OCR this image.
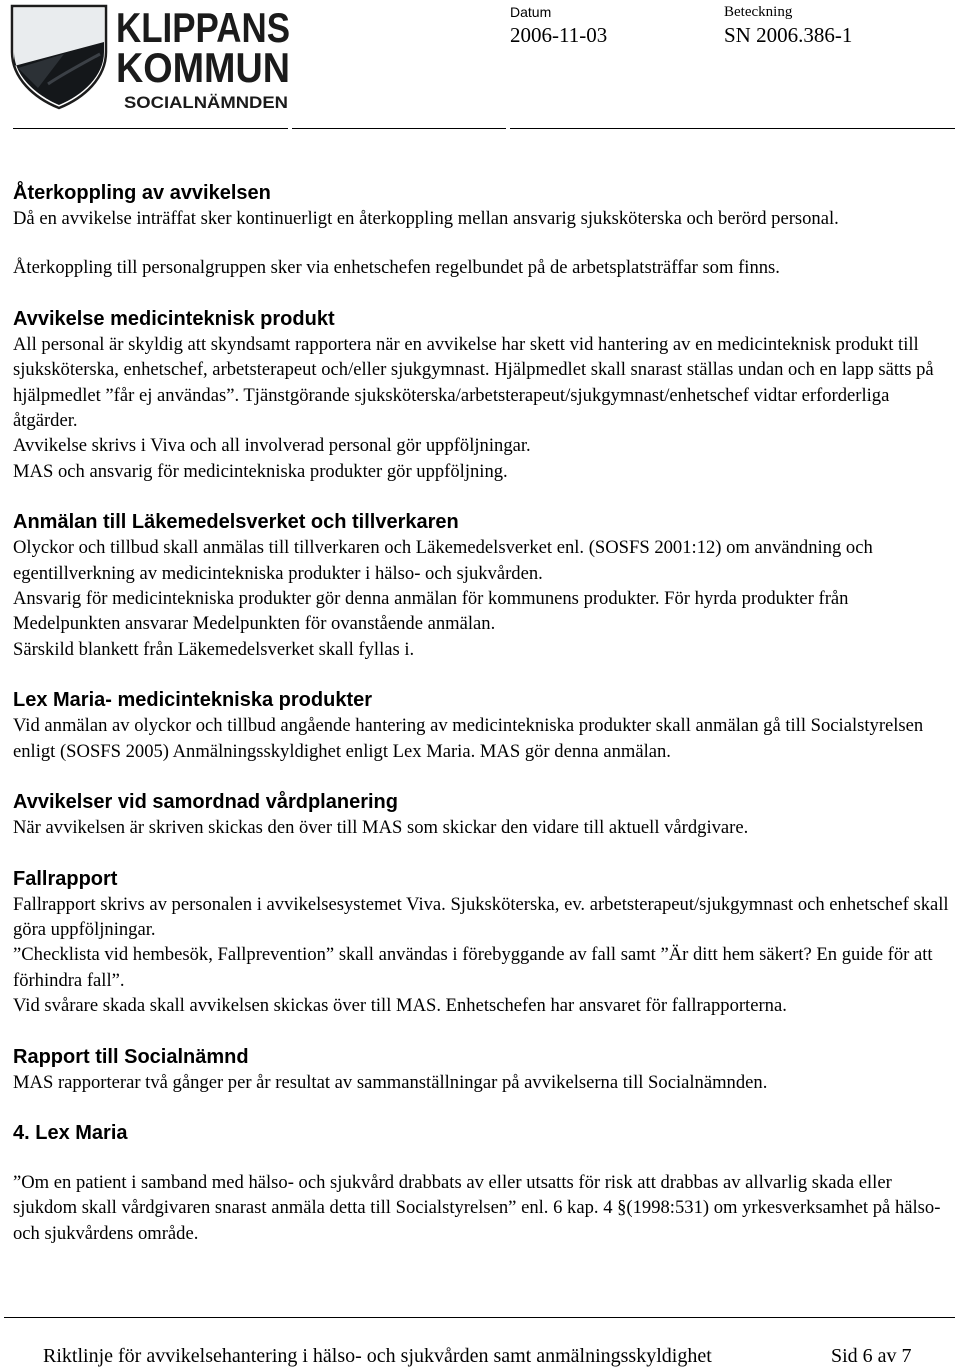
KLIPPANS
KOMMUN
SOCIALNÄMNDEN
Datum
2006-11-03
Beteckning
SN 2006.386-1

Återkoppling av avvikelsen

Då en avvikelse inträffat sker kontinuerligt en återkoppling mellan ansvarig sjuksköterska och berörd personal.

Återkoppling till personalgruppen sker via enhetschefen regelbundet på de arbetsplatsträffar som finns.

Avvikelse medicinteknisk produkt

All personal är skyldig att skyndsamt rapportera när en avvikelse har skett vid hantering av en medicinteknisk produkt till sjuksköterska, enhetschef, arbetsterapeut och/eller sjukgymnast. Hjälpmedlet skall snarast ställas undan och en lapp sätts på hjälpmedlet ”får ej användas”. Tjänstgörande sjuksköterska/arbetsterapeut/sjukgymnast/enhetschef vidtar erforderliga åtgärder.

Avvikelse skrivs i Viva och all involverad personal gör uppföljningar.

MAS och ansvarig för medicintekniska produkter gör uppföljning.

Anmälan till Läkemedelsverket och tillverkaren

Olyckor och tillbud skall anmälas till tillverkaren och Läkemedelsverket enl. (SOSFS 2001:12) om användning och egentillverkning av medicintekniska produkter i hälso- och sjukvården.

Ansvarig för medicintekniska produkter gör denna anmälan för kommunens produkter. För hyrda produkter från Medelpunkten ansvarar Medelpunkten för ovanstående anmälan.

Särskild blankett från Läkemedelsverket skall fyllas i.

Lex Maria- medicintekniska produkter

Vid anmälan av olyckor och tillbud angående hantering av medicintekniska produkter skall anmälan gå till Socialstyrelsen enligt (SOSFS 2005) Anmälningsskyldighet enligt Lex Maria. MAS gör denna anmälan.

Avvikelser vid samordnad vårdplanering

När avvikelsen är skriven skickas den över till MAS som skickar den vidare till aktuell vårdgivare.

Fallrapport

Fallrapport skrivs av personalen i avvikelsesystemet Viva. Sjuksköterska, ev. arbetsterapeut/sjukgymnast och enhetschef skall göra uppföljningar.

”Checklista vid hembesök, Fallprevention” skall användas i förebyggande av fall samt ”Är ditt hem säkert? En guide för att förhindra fall”.

Vid svårare skada skall avvikelsen skickas över till MAS. Enhetschefen har ansvaret för fallrapporterna.

Rapport till Socialnämnd

MAS rapporterar två gånger per år resultat av sammanställningar på avvikelserna till Socialnämnden.

4. Lex Maria

”Om en patient i samband med hälso- och sjukvård drabbats av eller utsatts för risk att drabbas av allvarlig skada eller sjukdom skall vårdgivaren snarast anmäla detta till Socialstyrelsen” enl. 6 kap. 4 §(1998:531) om yrkesverksamhet på hälso- och sjukvårdens område.

Riktlinje för avvikelsehantering i hälso- och sjukvården samt anmälningsskyldighet	Sid 6 av 7
